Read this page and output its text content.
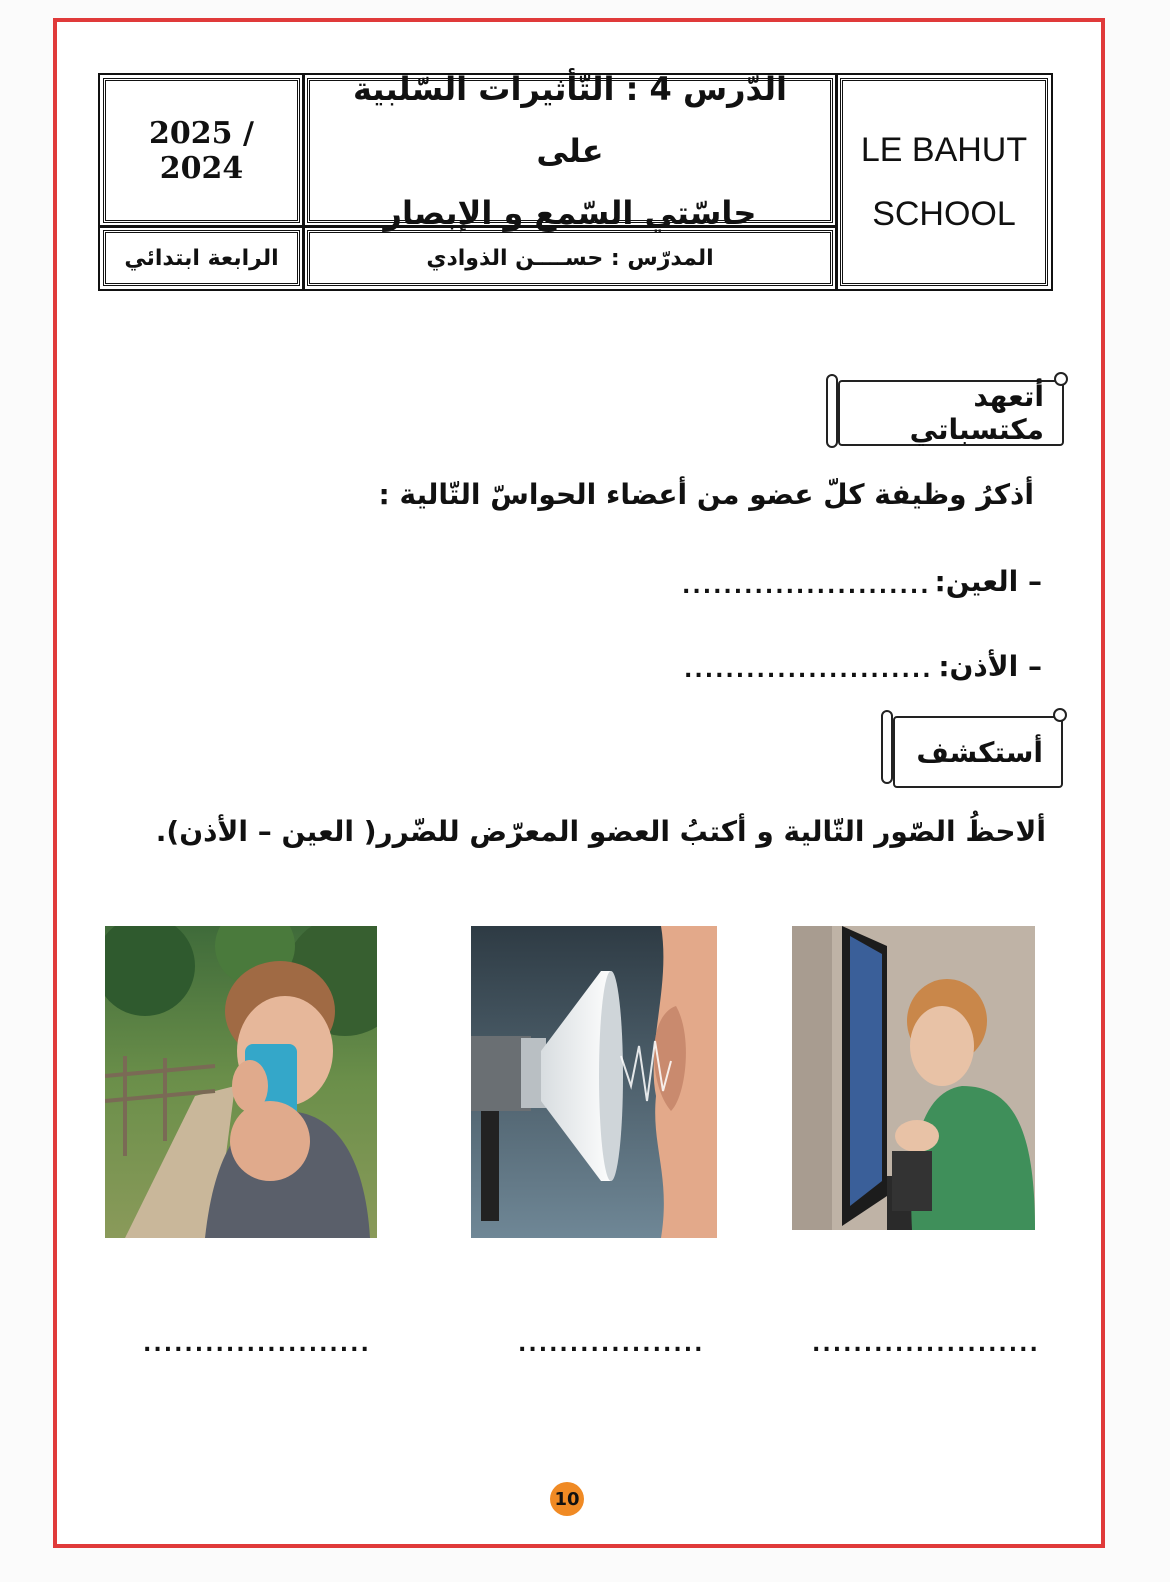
LE BAHUT
SCHOOL
الدّرس 4 : التّأثيرات السّلبية على
حاسّتي السّمع و الإبصار
2025 / 2024
المدرّس : حســــن الذوادي
الرابعة ابتدائي
أتعهد مكتسباتي
أذكرُ وظيفة كلّ عضو من أعضاء الحواسّ التّالية :
– العين:
........................
– الأذن:
........................
أستكشف
ألاحظُ الصّور التّالية و أكتبُ العضو المعرّض للضّرر( العين – الأذن).
......................	..................	......................
10
